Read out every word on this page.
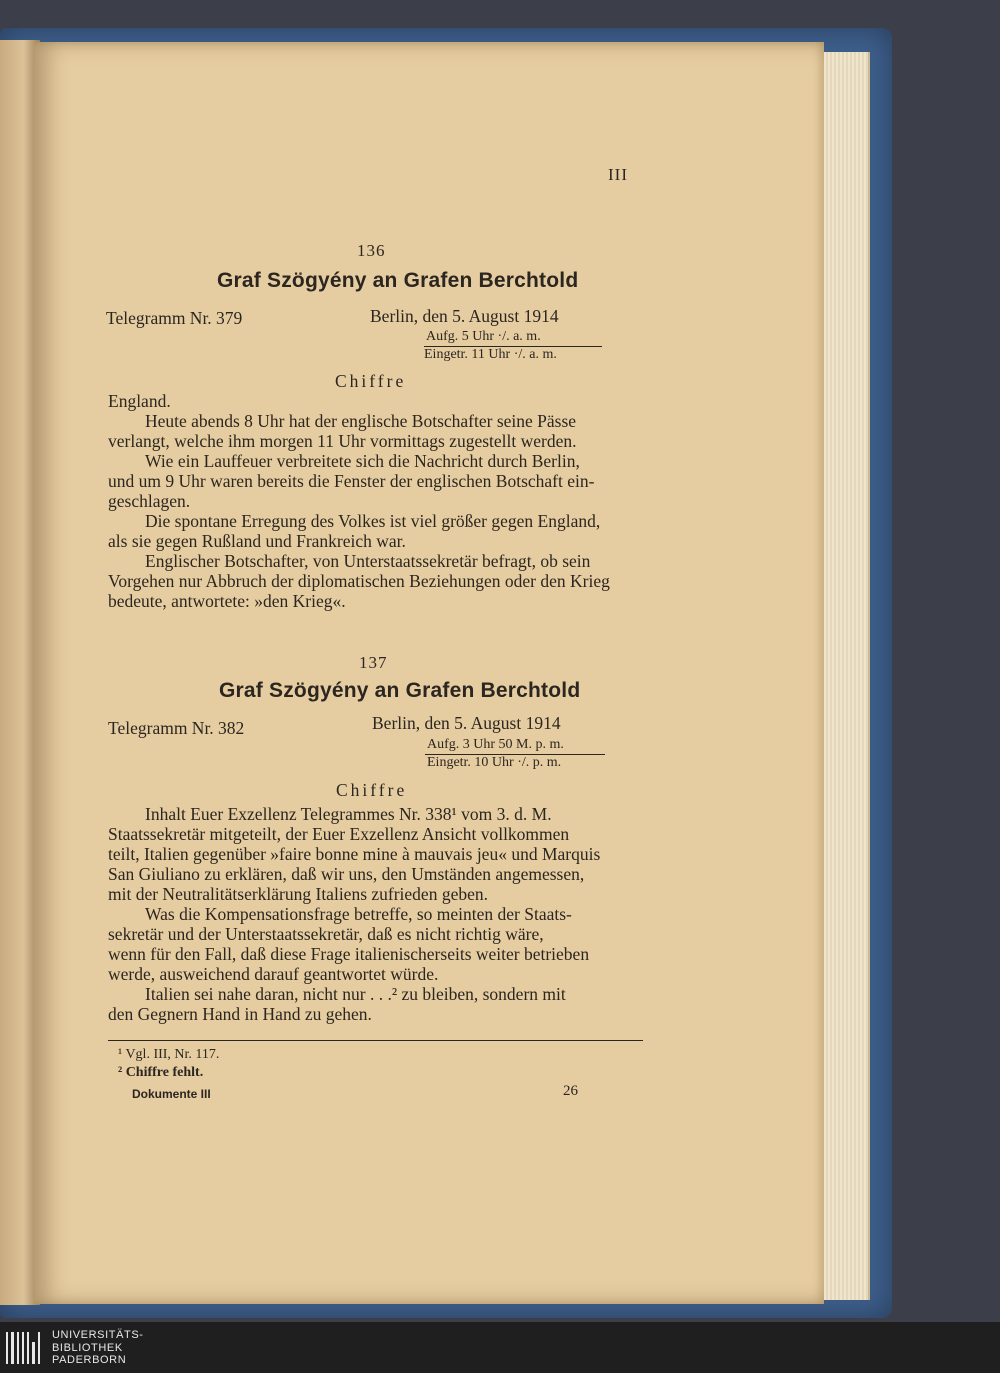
III
136
Graf Szögyény an Grafen Berchtold
Telegramm Nr. 379	Berlin, den 5. August 1914
Aufg. 5 Uhr ·/. a. m.
Eingetr. 11 Uhr ·/. a. m.
Chiffre
England.
Heute abends 8 Uhr hat der englische Botschafter seine Pässe
verlangt, welche ihm morgen 11 Uhr vormittags zugestellt werden.
Wie ein Lauffeuer verbreitete sich die Nachricht durch Berlin,
und um 9 Uhr waren bereits die Fenster der englischen Botschaft ein-
geschlagen.
Die spontane Erregung des Volkes ist viel größer gegen England,
als sie gegen Rußland und Frankreich war.
Englischer Botschafter, von Unterstaatssekretär befragt, ob sein
Vorgehen nur Abbruch der diplomatischen Beziehungen oder den Krieg
bedeute, antwortete: »den Krieg«.
137
Graf Szögyény an Grafen Berchtold
Telegramm Nr. 382	Berlin, den 5. August 1914
Aufg. 3 Uhr 50 M. p. m.
Eingetr. 10 Uhr ·/. p. m.
Chiffre
Inhalt Euer Exzellenz Telegrammes Nr. 338¹ vom 3. d. M.
Staatssekretär mitgeteilt, der Euer Exzellenz Ansicht vollkommen
teilt, Italien gegenüber »faire bonne mine à mauvais jeu« und Marquis
San Giuliano zu erklären, daß wir uns, den Umständen angemessen,
mit der Neutralitätserklärung Italiens zufrieden geben.
Was die Kompensationsfrage betreffe, so meinten der Staats-
sekretär und der Unterstaatssekretär, daß es nicht richtig wäre,
wenn für den Fall, daß diese Frage italienischerseits weiter betrieben
werde, ausweichend darauf geantwortet würde.
Italien sei nahe daran, nicht nur . . .² zu bleiben, sondern mit
den Gegnern Hand in Hand zu gehen.
¹ Vgl. III, Nr. 117.
² Chiffre fehlt.
Dokumente III	26
UNIVERSITÄTS-
BIBLIOTHEK
PADERBORN
